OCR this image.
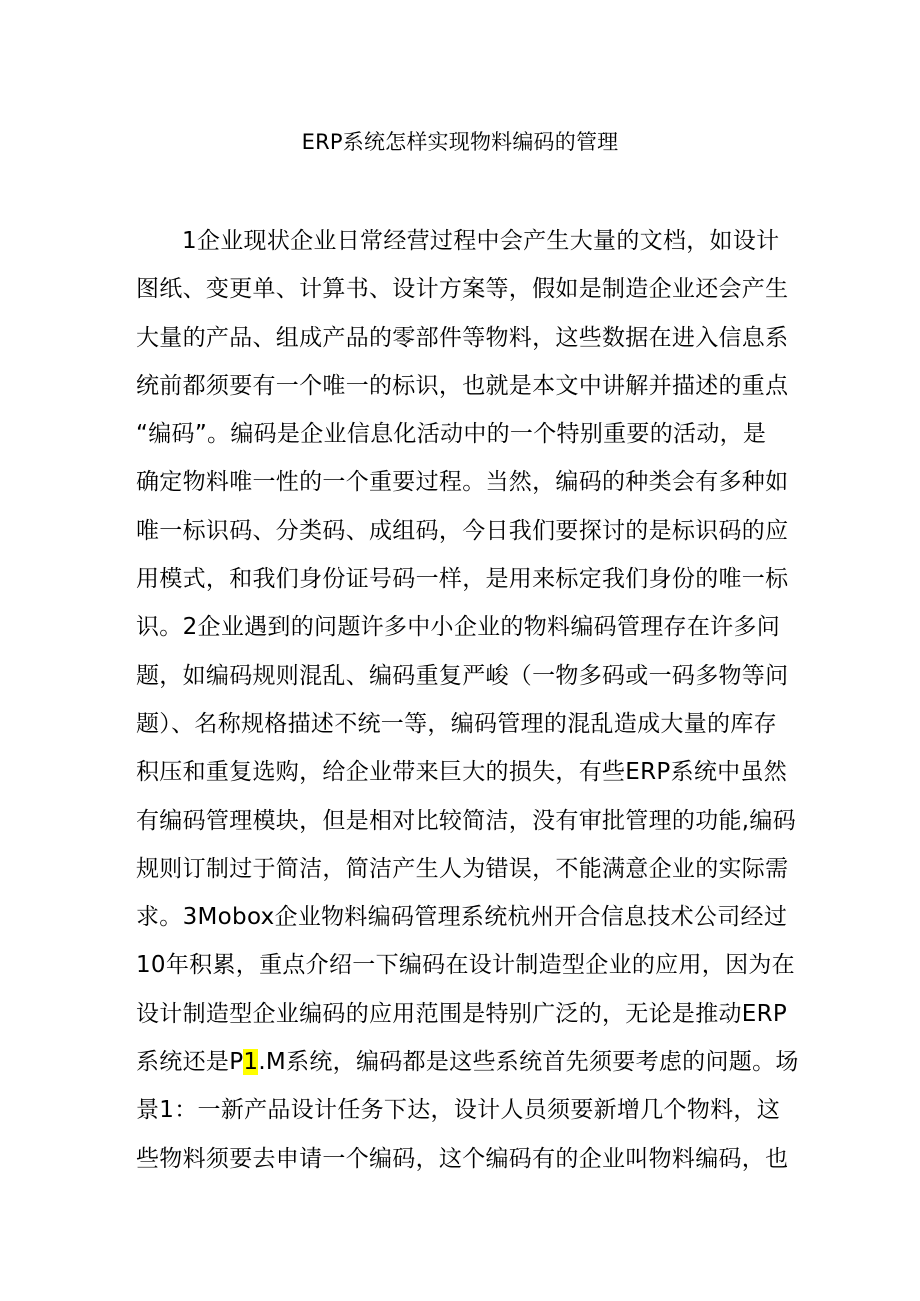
ERP系统怎样实现物料编码的管理
1企业现状企业日常经营过程中会产生大量的文档，如设计
图纸、变更单、计算书、设计方案等，假如是制造企业还会产生
大量的产品、组成产品的零部件等物料，这些数据在进入信息系
统前都须要有一个唯一的标识，也就是本文中讲解并描述的重点
“编码”。编码是企业信息化活动中的一个特别重要的活动，是
确定物料唯一性的一个重要过程。当然，编码的种类会有多种如
唯一标识码、分类码、成组码，今日我们要探讨的是标识码的应
用模式，和我们身份证号码一样，是用来标定我们身份的唯一标
识。2企业遇到的问题许多中小企业的物料编码管理存在许多问
题，如编码规则混乱、编码重复严峻（一物多码或一码多物等问
题）、名称规格描述不统一等，编码管理的混乱造成大量的库存
积压和重复选购，给企业带来巨大的损失，有些ERP系统中虽然
有编码管理模块，但是相对比较简洁，没有审批管理的功能,编码
规则订制过于简洁，简洁产生人为错误，不能满意企业的实际需
求。3Mobox企业物料编码管理系统杭州开合信息技术公司经过
10年积累，重点介绍一下编码在设计制造型企业的应用，因为在
设计制造型企业编码的应用范围是特别广泛的，无论是推动ERP
系统还是P1.M系统，编码都是这些系统首先须要考虑的问题。场
景1：一新产品设计任务下达，设计人员须要新增几个物料，这
些物料须要去申请一个编码，这个编码有的企业叫物料编码，也
